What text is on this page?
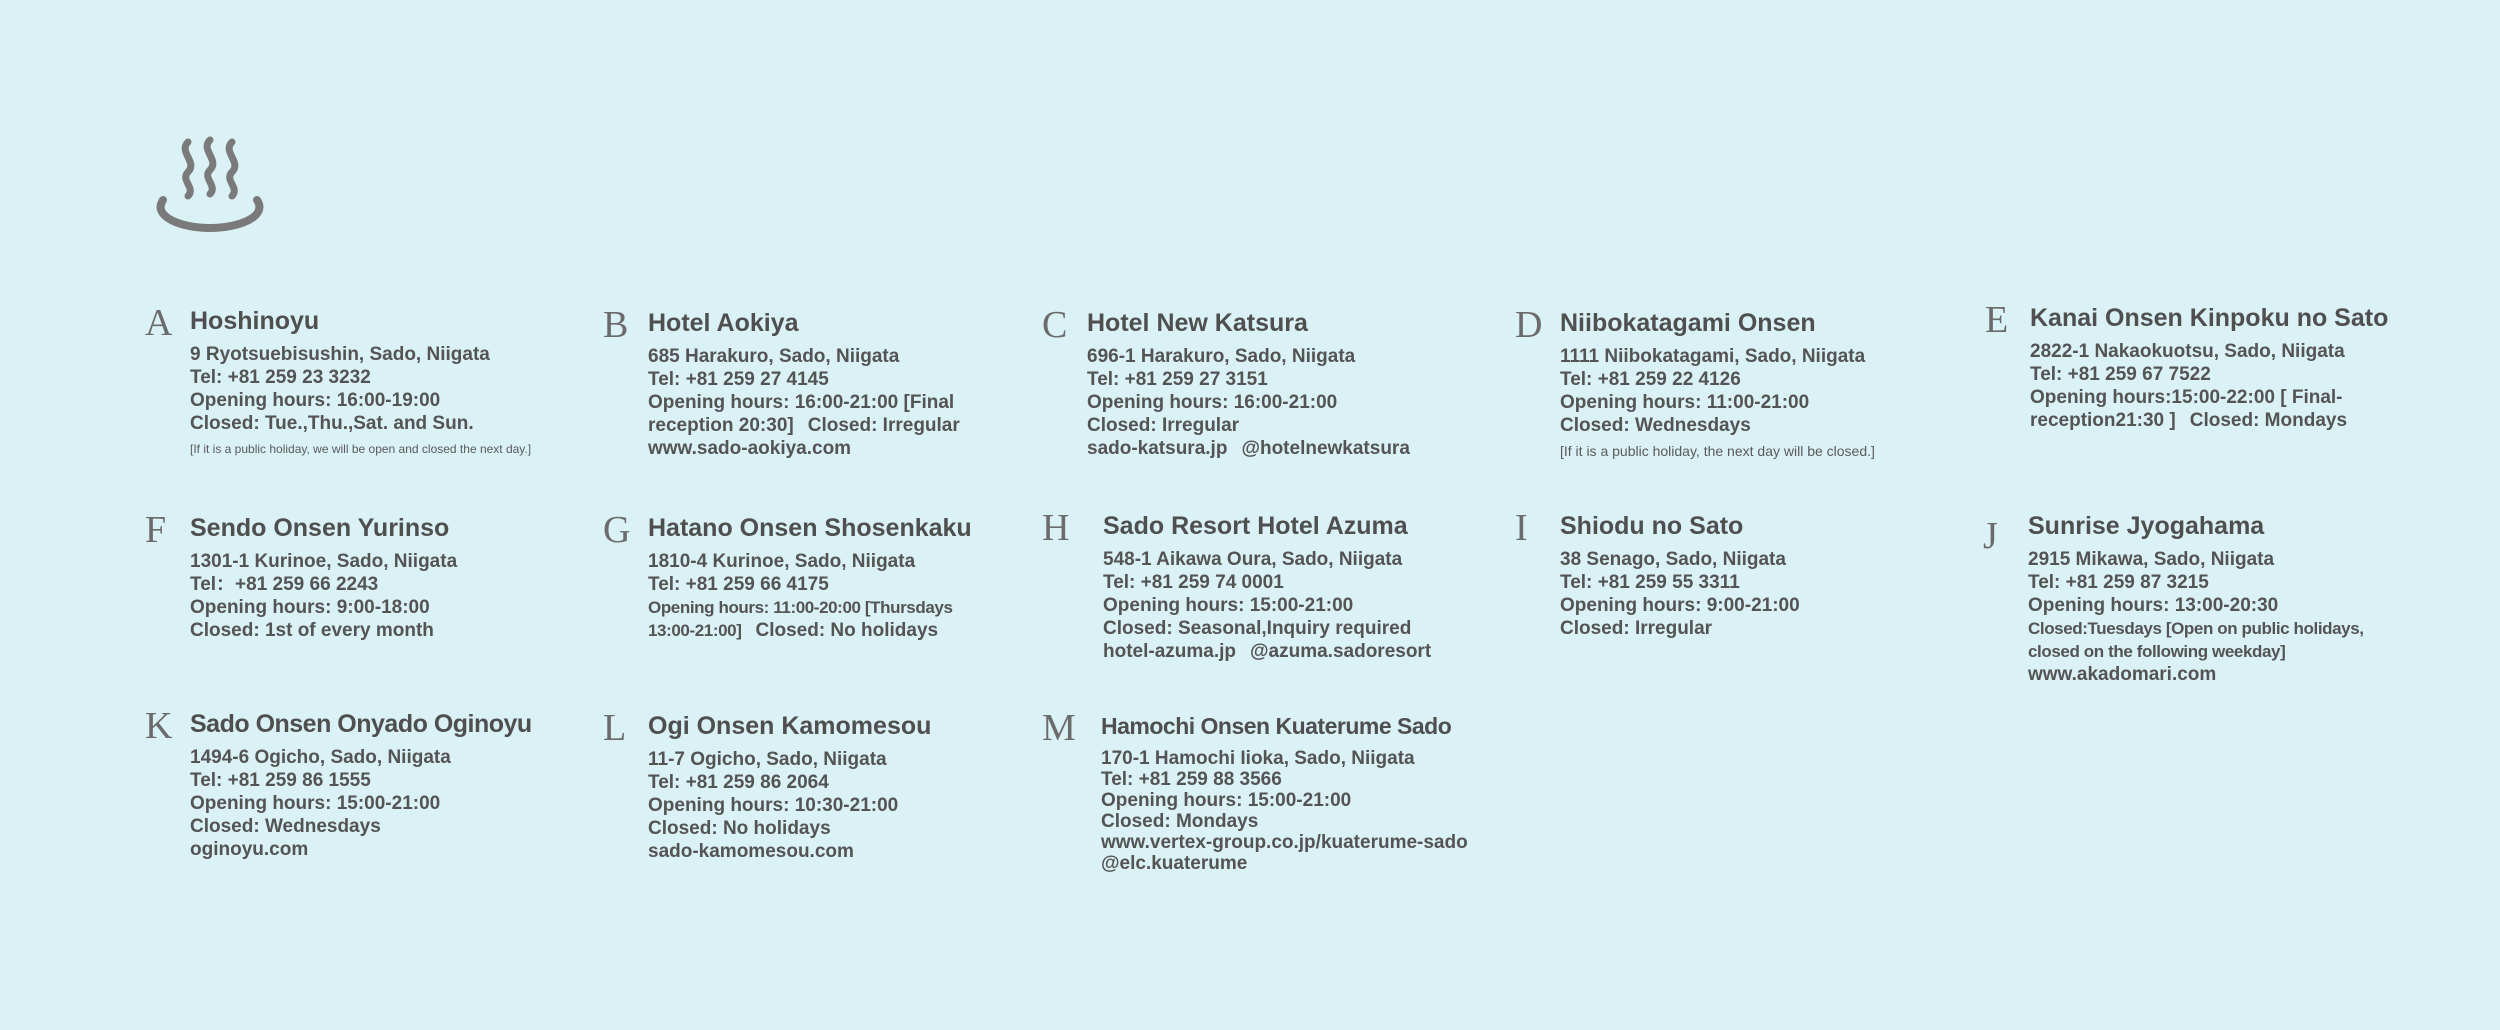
A Hoshinoyu
9 Ryotsuebisushin, Sado, Niigata
Tel: +81 259 23 3232
Opening hours: 16:00-19:00
Closed: Tue.,Thu.,Sat. and Sun.
[If it is a public holiday, we will be open and closed the next day.]
B Hotel Aokiya
685 Harakuro, Sado, Niigata
Tel: +81 259 27 4145
Opening hours: 16:00-21:00 [Final
reception 20:30] Closed: Irregular
www.sado-aokiya.com
C Hotel New Katsura
696-1 Harakuro, Sado, Niigata
Tel: +81 259 27 3151
Opening hours: 16:00-21:00
Closed: Irregular
sado-katsura.jp @hotelnewkatsura
D Niibokatagami Onsen
1111 Niibokatagami, Sado, Niigata
Tel: +81 259 22 4126
Opening hours: 11:00-21:00
Closed: Wednesdays
[If it is a public holiday, the next day will be closed.]
E Kanai Onsen Kinpoku no Sato
2822-1 Nakaokuotsu, Sado, Niigata
Tel: +81 259 67 7522
Opening hours:15:00-22:00 [ Final-
reception21:30 ] Closed: Mondays
F Sendo Onsen Yurinso
1301-1 Kurinoe, Sado, Niigata
Tel：+81 259 66 2243
Opening hours: 9:00-18:00
Closed: 1st of every month
G Hatano Onsen Shosenkaku
1810-4 Kurinoe, Sado, Niigata
Tel: +81 259 66 4175
Opening hours: 11:00-20:00 [Thursdays
13:00-21:00] Closed: No holidays
H Sado Resort Hotel Azuma
548-1 Aikawa Oura, Sado, Niigata
Tel: +81 259 74 0001
Opening hours: 15:00-21:00
Closed: Seasonal,Inquiry required
hotel-azuma.jp @azuma.sadoresort
I Shiodu no Sato
38 Senago, Sado, Niigata
Tel: +81 259 55 3311
Opening hours: 9:00-21:00
Closed: Irregular
J Sunrise Jyogahama
2915 Mikawa, Sado, Niigata
Tel: +81 259 87 3215
Opening hours: 13:00-20:30
Closed:Tuesdays [Open on public holidays,
closed on the following weekday]
www.akadomari.com
K Sado Onsen Onyado Oginoyu
1494-6 Ogicho, Sado, Niigata
Tel: +81 259 86 1555
Opening hours: 15:00-21:00
Closed: Wednesdays
oginoyu.com
L Ogi Onsen Kamomesou
11-7 Ogicho, Sado, Niigata
Tel: +81 259 86 2064
Opening hours: 10:30-21:00
Closed: No holidays
sado-kamomesou.com
M Hamochi Onsen Kuaterume Sado
170-1 Hamochi Iioka, Sado, Niigata
Tel: +81 259 88 3566
Opening hours: 15:00-21:00
Closed: Mondays
www.vertex-group.co.jp/kuaterume-sado
@elc.kuaterume
